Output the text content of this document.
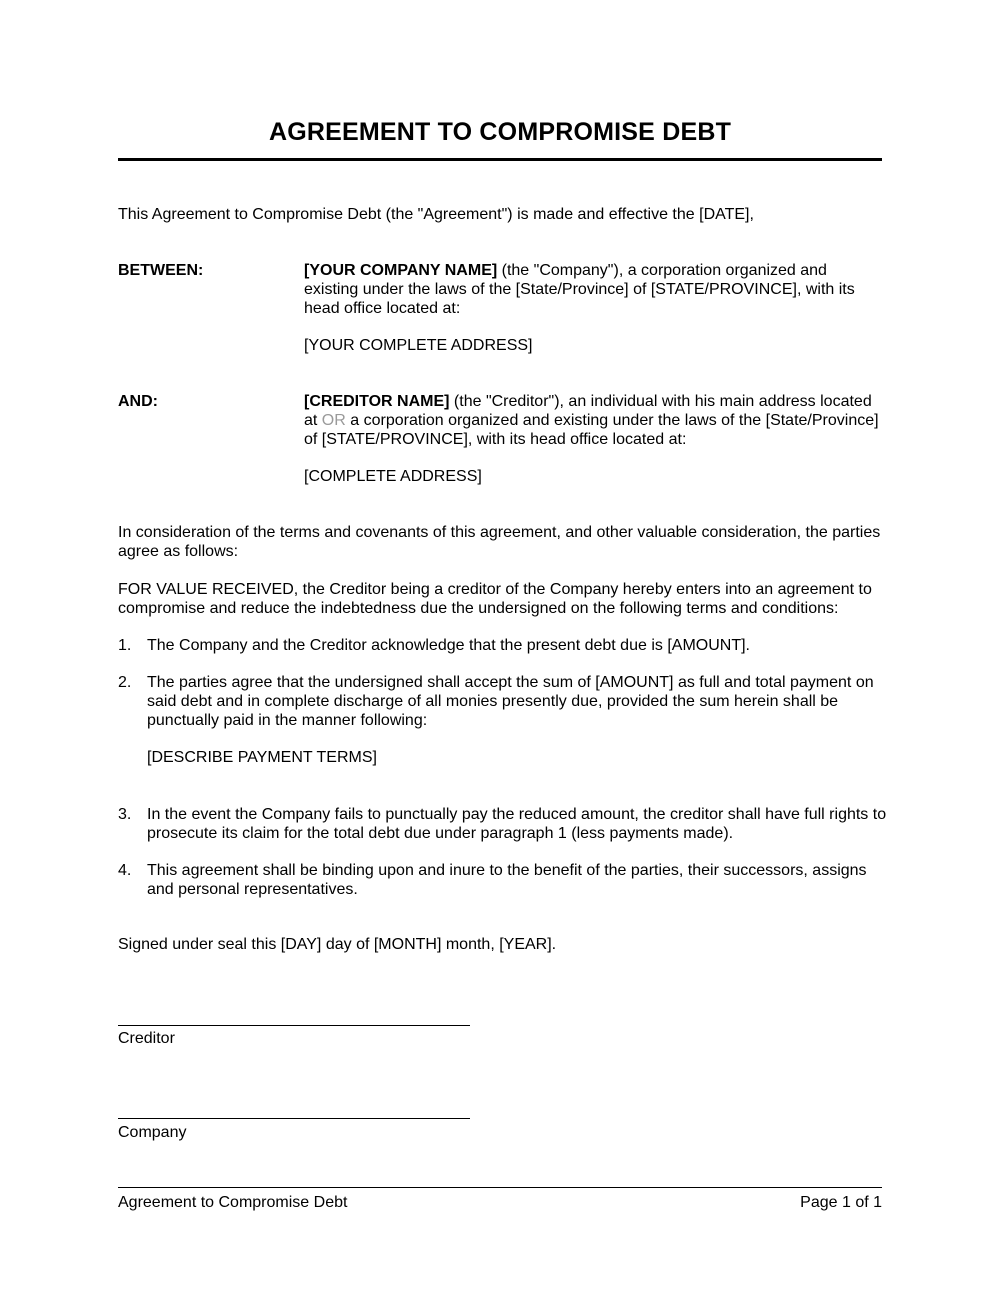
AGREEMENT TO COMPROMISE DEBT

This Agreement to Compromise Debt (the "Agreement") is made and effective the [DATE],

BETWEEN:	[YOUR COMPANY NAME] (the "Company"), a corporation organized and existing under the laws of the [State/Province] of [STATE/PROVINCE], with its head office located at:
[YOUR COMPLETE ADDRESS]
AND:	[CREDITOR NAME] (the "Creditor"), an individual with his main address located at OR a corporation organized and existing under the laws of the [State/Province] of [STATE/PROVINCE], with its head office located at:
[COMPLETE ADDRESS]

In consideration of the terms and covenants of this agreement, and other valuable consideration, the parties agree as follows:

FOR VALUE RECEIVED, the Creditor being a creditor of the Company hereby enters into an agreement to compromise and reduce the indebtedness due the undersigned on the following terms and conditions:

1. The Company and the Creditor acknowledge that the present debt due is [AMOUNT].
2. The parties agree that the undersigned shall accept the sum of [AMOUNT] as full and total payment on said debt and in complete discharge of all monies presently due, provided the sum herein shall be punctually paid in the manner following:
[DESCRIBE PAYMENT TERMS]
3. In the event the Company fails to punctually pay the reduced amount, the creditor shall have full rights to prosecute its claim for the total debt due under paragraph 1 (less payments made).
4. This agreement shall be binding upon and inure to the benefit of the parties, their successors, assigns and personal representatives.

Signed under seal this [DAY] day of [MONTH] month, [YEAR].

Creditor
Company
Agreement to Compromise Debt	Page 1 of 1
